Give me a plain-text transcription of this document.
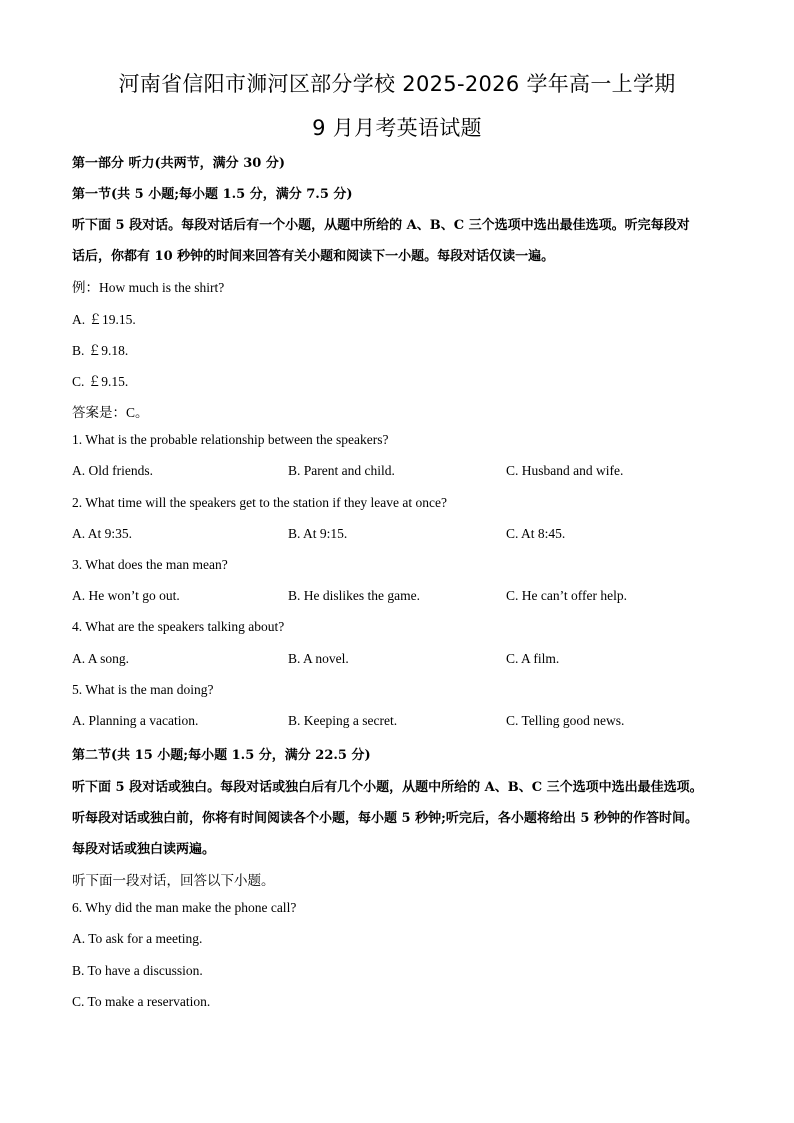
河南省信阳市浉河区部分学校 2025-2026 学年高一上学期
9 月月考英语试题
第一部分 听力(共两节，满分 30 分)
第一节(共 5 小题;每小题 1.5 分，满分 7.5 分)
听下面 5 段对话。每段对话后有一个小题，从题中所给的 A、B、C 三个选项中选出最佳选项。听完每段对
话后，你都有 10 秒钟的时间来回答有关小题和阅读下一小题。每段对话仅读一遍。
例：How much is the shirt?
A. ￡19.15.
B. ￡9.18.
C. ￡9.15.
答案是：C。
1. What is the probable relationship between the speakers?
A. Old friends.	B. Parent and child.	C. Husband and wife.
2. What time will the speakers get to the station if they leave at once?
A. At 9:35.	B. At 9:15.	C. At 8:45.
3. What does the man mean?
A. He won’t go out.	B. He dislikes the game.	C. He can’t offer help.
4. What are the speakers talking about?
A. A song.	B. A novel.	C. A film.
5. What is the man doing?
A. Planning a vacation.	B. Keeping a secret.	C. Telling good news.
第二节(共 15 小题;每小题 1.5 分，满分 22.5 分)
听下面 5 段对话或独白。每段对话或独白后有几个小题，从题中所给的 A、B、C 三个选项中选出最佳选项。
听每段对话或独白前，你将有时间阅读各个小题，每小题 5 秒钟;听完后，各小题将给出 5 秒钟的作答时间。
每段对话或独白读两遍。
听下面一段对话，回答以下小题。
6. Why did the man make the phone call?
A. To ask for a meeting.
B. To have a discussion.
C. To make a reservation.
